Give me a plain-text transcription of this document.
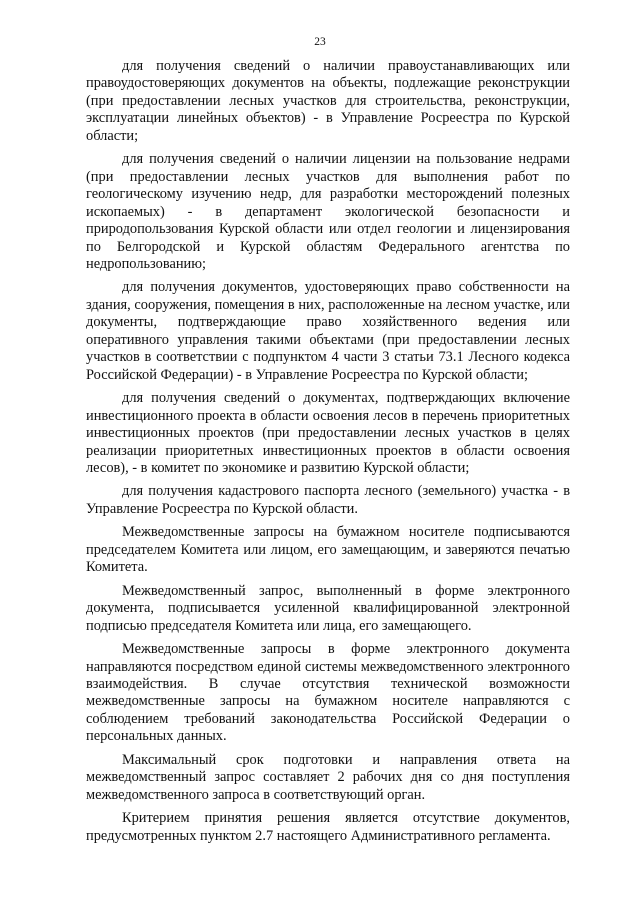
23

для получения сведений о наличии правоустанавливающих или правоудостоверяющих документов на объекты, подлежащие реконструкции (при предоставлении лесных участков для строительства, реконструкции, эксплуатации линейных объектов) - в Управление Росреестра по Курской области;

для получения сведений о наличии лицензии на пользование недрами (при предоставлении лесных участков для выполнения работ по геологическому изучению недр, для разработки месторождений полезных ископаемых) - в департамент экологической безопасности и природопользования Курской области или отдел геологии и лицензирования по Белгородской и Курской областям Федерального агентства по недропользованию;

для получения документов, удостоверяющих право собственности на здания, сооружения, помещения в них, расположенные на лесном участке, или документы, подтверждающие право хозяйственного ведения или оперативного управления такими объектами (при предоставлении лесных участков в соответствии с подпунктом 4 части 3 статьи 73.1 Лесного кодекса Российской Федерации) - в Управление Росреестра по Курской области;

для получения сведений о документах, подтверждающих включение инвестиционного проекта в области освоения лесов в перечень приоритетных инвестиционных проектов (при предоставлении лесных участков в целях реализации приоритетных инвестиционных проектов в области освоения лесов), - в комитет по экономике и развитию Курской области;

для получения кадастрового паспорта лесного (земельного) участка - в Управление Росреестра по Курской области.

Межведомственные запросы на бумажном носителе подписываются председателем Комитета или лицом, его замещающим, и заверяются печатью Комитета.

Межведомственный запрос, выполненный в форме электронного документа, подписывается усиленной квалифицированной электронной подписью председателя Комитета или лица, его замещающего.

Межведомственные запросы в форме электронного документа направляются посредством единой системы межведомственного электронного взаимодействия. В случае отсутствия технической возможности межведомственные запросы на бумажном носителе направляются с соблюдением требований законодательства Российской Федерации о персональных данных.

Максимальный срок подготовки и направления ответа на межведомственный запрос составляет 2 рабочих дня со дня поступления межведомственного запроса в соответствующий орган.

Критерием принятия решения является отсутствие документов, предусмотренных пунктом 2.7 настоящего Административного регламента.
